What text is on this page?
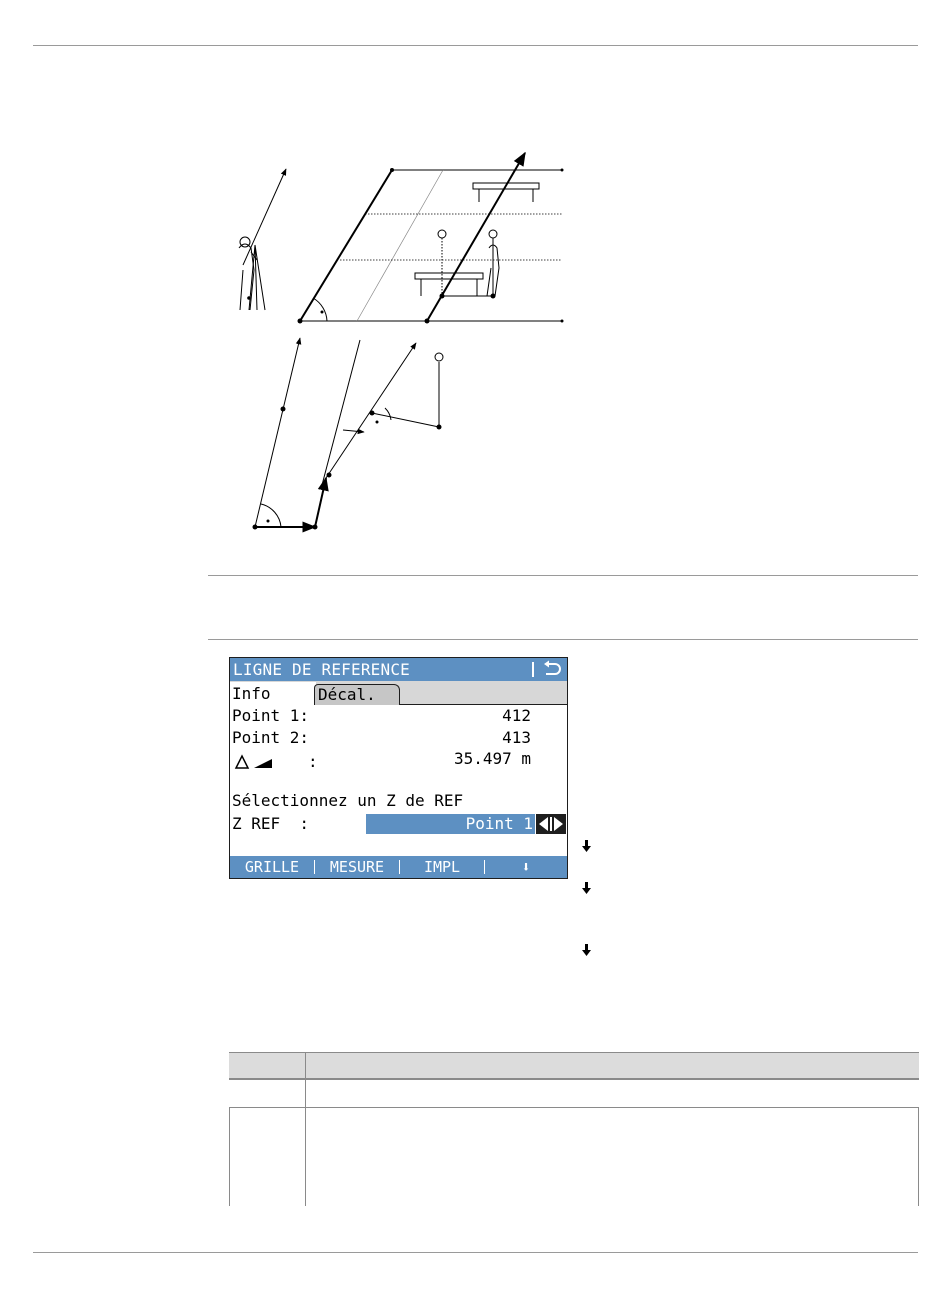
LIGNE DE REFERENCE
Info	Décal.
Point 1:	412
Point 2:	413
:	35.497 m
Sélectionnez un Z de REF
Z REF  :	Point 1
GRILLE	MESURE	IMPL	⬇
